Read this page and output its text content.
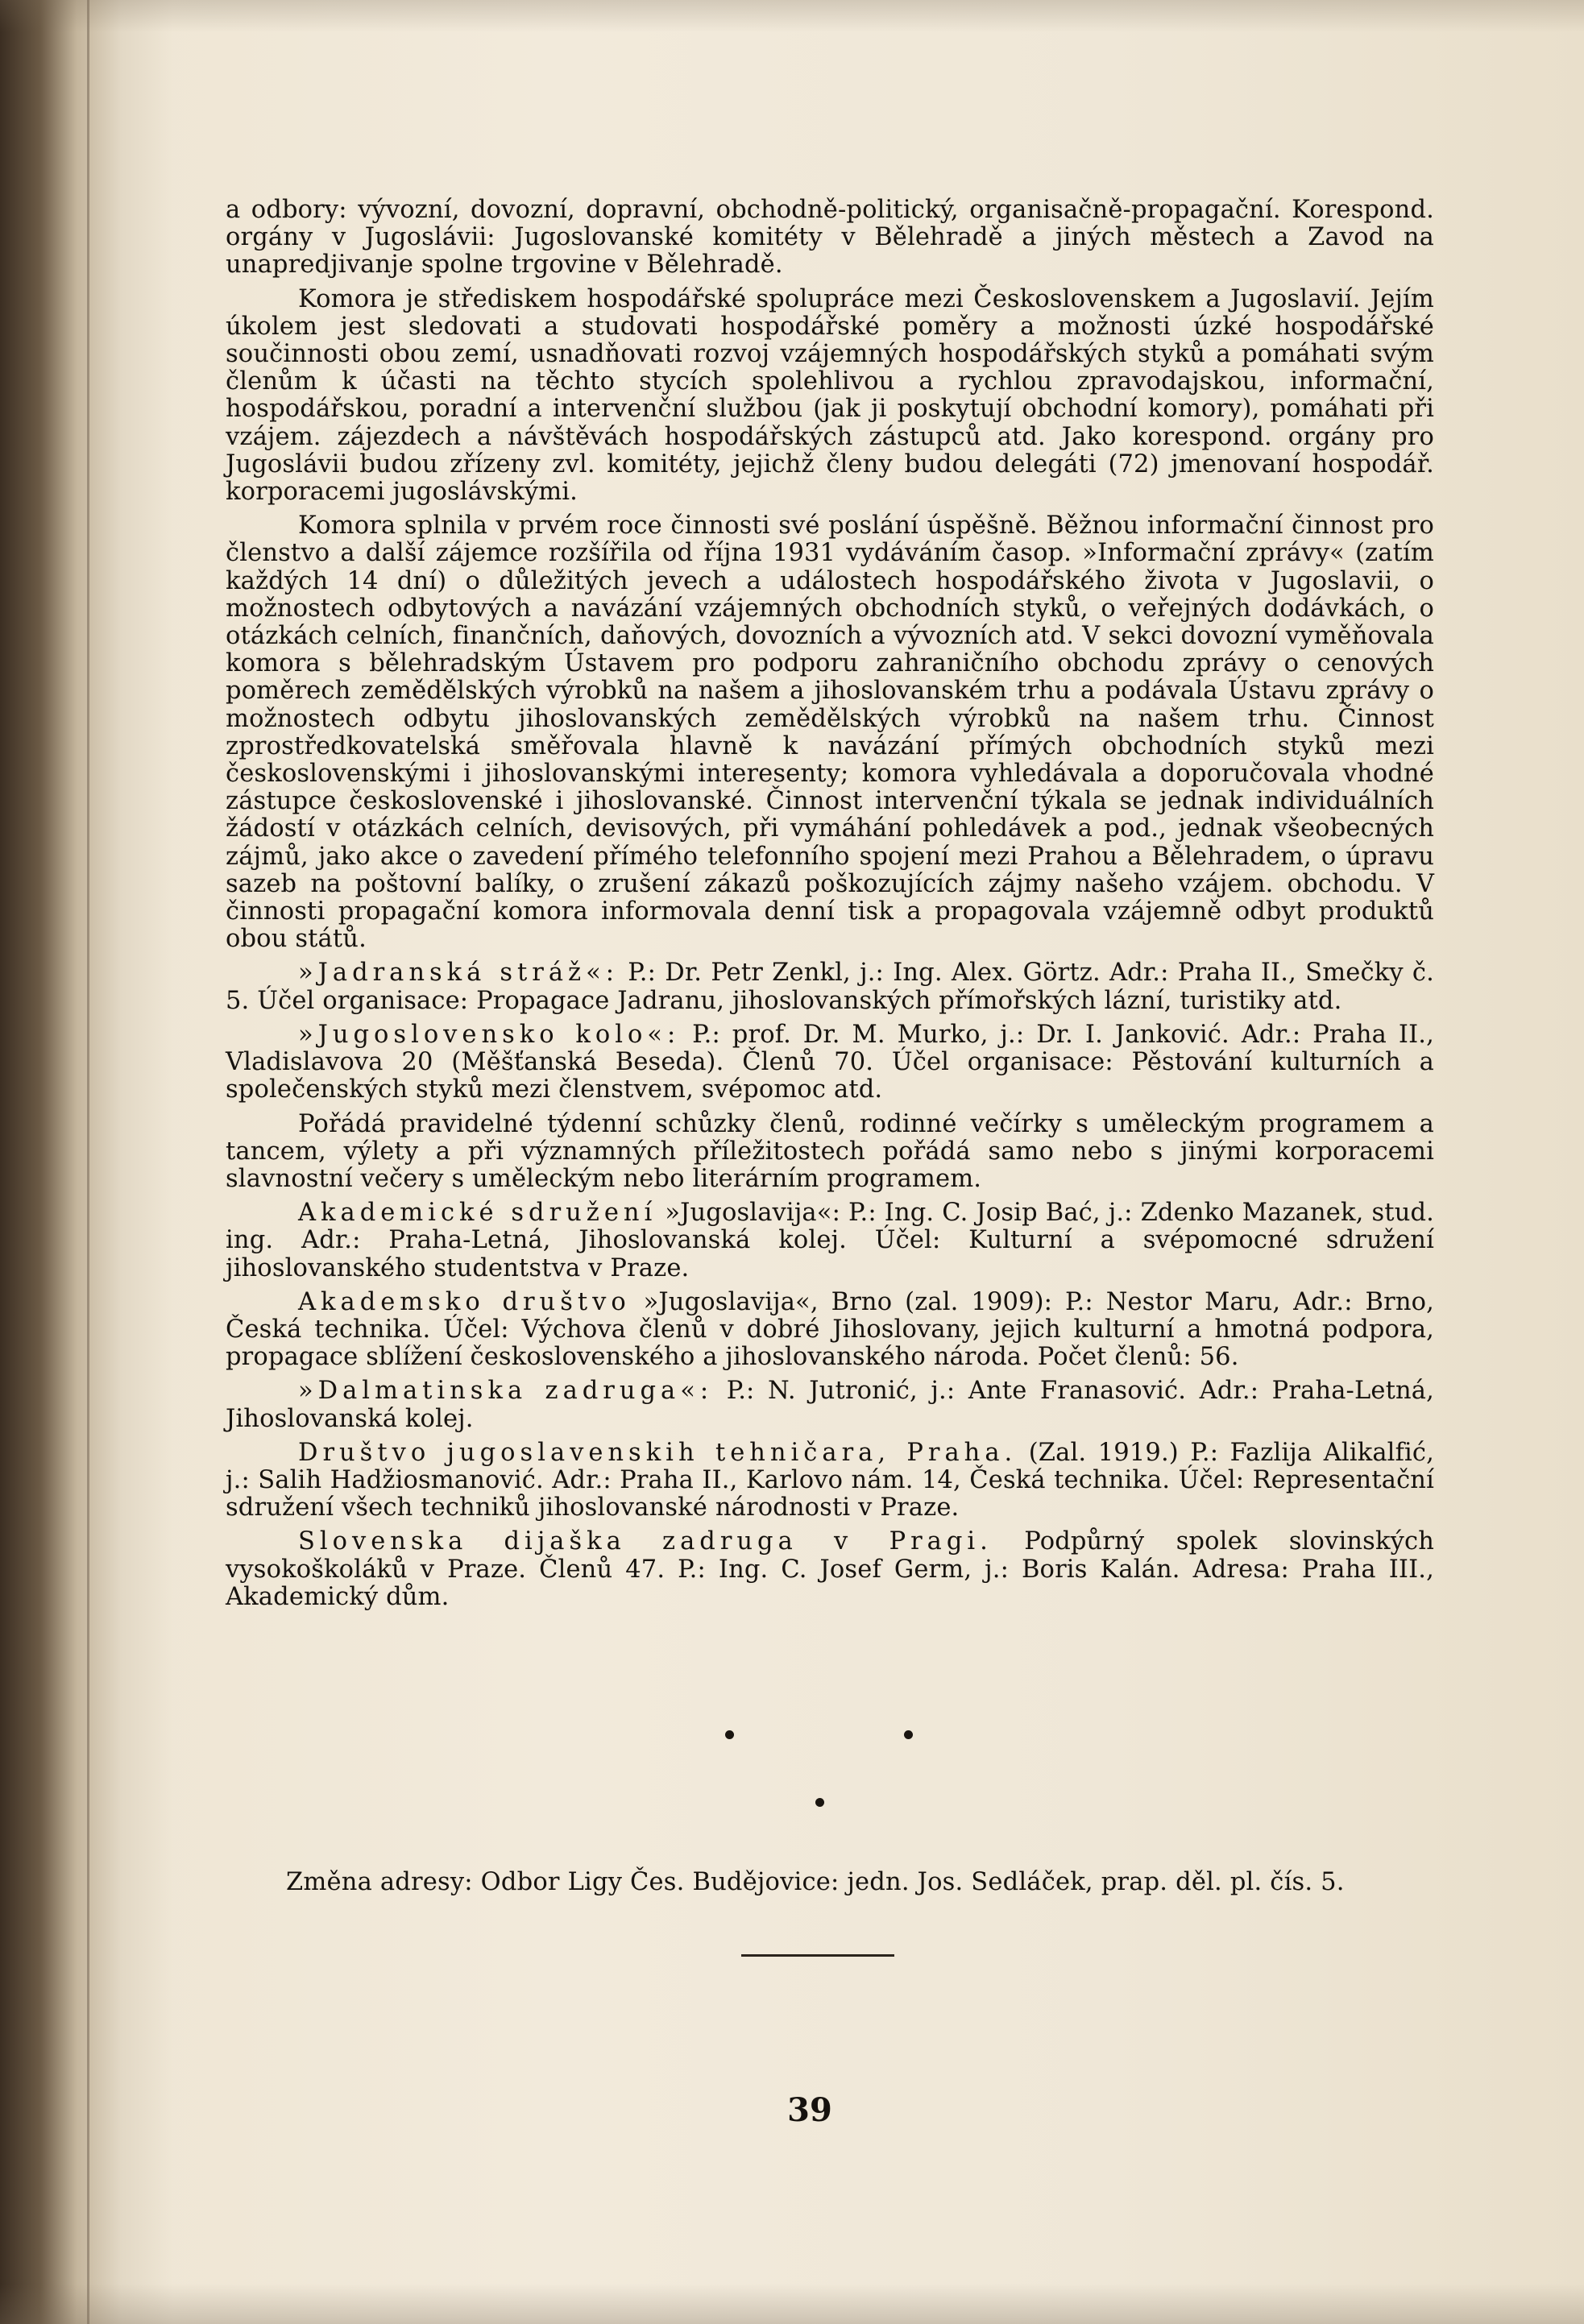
a odbory: vývozní, dovozní, dopravní, obchodně-politický, organisačně-propagační. Korespond. orgány v Jugoslávii: Jugoslovanské komitéty v Bělehradě a jiných městech a Zavod na unapredjivanje spolne trgovine v Bělehradě.

Komora je střediskem hospodářské spolupráce mezi Československem a Jugoslavií. Jejím úkolem jest sledovati a studovati hospodářské poměry a možnosti úzké hospodářské součinnosti obou zemí, usnadňovati rozvoj vzájemných hospodářských styků a pomáhati svým členům k účasti na těchto stycích spolehlivou a rychlou zpravodajskou, informační, hospodářskou, poradní a intervenční službou (jak ji poskytují obchodní komory), pomáhati při vzájem. zájezdech a návštěvách hospodářských zástupců atd. Jako korespond. orgány pro Jugoslávii budou zřízeny zvl. komitéty, jejichž členy budou delegáti (72) jmenovaní hospodář. korporacemi jugoslávskými.

Komora splnila v prvém roce činnosti své poslání úspěšně. Běžnou informační činnost pro členstvo a další zájemce rozšířila od října 1931 vydáváním časop. »Informační zprávy« (zatím každých 14 dní) o důležitých jevech a událostech hospodářského života v Jugoslavii, o možnostech odbytových a navázání vzájemných obchodních styků, o veřejných dodávkách, o otázkách celních, finančních, daňových, dovozních a vývozních atd. V sekci dovozní vyměňovala komora s bělehradským Ústavem pro podporu zahraničního obchodu zprávy o cenových poměrech zemědělských výrobků na našem a jihoslovanském trhu a podávala Ústavu zprávy o možnostech odbytu jihoslovanských zemědělských výrobků na našem trhu. Činnost zprostředkovatelská směřovala hlavně k navázání přímých obchodních styků mezi československými i jihoslovanskými interesenty; komora vyhledávala a doporučovala vhodné zástupce československé i jihoslovanské. Činnost intervenční týkala se jednak individuálních žádostí v otázkách celních, devisových, při vymáhání pohledávek a pod., jednak všeobecných zájmů, jako akce o zavedení přímého telefonního spojení mezi Prahou a Bělehradem, o úpravu sazeb na poštovní balíky, o zrušení zákazů poškozujících zájmy našeho vzájem. obchodu. V činnosti propagační komora informovala denní tisk a propagovala vzájemně odbyt produktů obou států.

»Jadranská stráž«: P.: Dr. Petr Zenkl, j.: Ing. Alex. Görtz. Adr.: Praha II., Smečky č. 5. Účel organisace: Propagace Jadranu, jihoslovanských přímořských lázní, turistiky atd.

»Jugoslovensko kolo«: P.: prof. Dr. M. Murko, j.: Dr. I. Janković. Adr.: Praha II., Vladislavova 20 (Měšťanská Beseda). Členů 70. Účel organisace: Pěstování kulturních a společenských styků mezi členstvem, svépomoc atd.

Pořádá pravidelné týdenní schůzky členů, rodinné večírky s uměleckým programem a tancem, výlety a při významných příležitostech pořádá samo nebo s jinými korporacemi slavnostní večery s uměleckým nebo literárním programem.

Akademické sdružení »Jugoslavija«: P.: Ing. C. Josip Bać, j.: Zdenko Mazanek, stud. ing. Adr.: Praha-Letná, Jihoslovanská kolej. Účel: Kulturní a svépomocné sdružení jihoslovanského studentstva v Praze.

Akademsko društvo »Jugoslavija«, Brno (zal. 1909): P.: Nestor Maru, Adr.: Brno, Česká technika. Účel: Výchova členů v dobré Jihoslovany, jejich kulturní a hmotná podpora, propagace sblížení československého a jihoslovanského národa. Počet členů: 56.

»Dalmatinska zadruga«: P.: N. Jutronić, j.: Ante Franasović. Adr.: Praha-Letná, Jihoslovanská kolej.

Društvo jugoslavenskih tehničara, Praha. (Zal. 1919.) P.: Fazlija Alikalfić, j.: Salih Hadžiosmanović. Adr.: Praha II., Karlovo nám. 14, Česká technika. Účel: Representační sdružení všech techniků jihoslovanské národnosti v Praze.

Slovenska dijaška zadruga v Pragi. Podpůrný spolek slovinských vysokoškoláků v Praze. Členů 47. P.: Ing. C. Josef Germ, j.: Boris Kalán. Adresa: Praha III., Akademický dům.

Změna adresy: Odbor Ligy Čes. Budějovice: jedn. Jos. Sedláček, prap. děl. pl. čís. 5.
39
